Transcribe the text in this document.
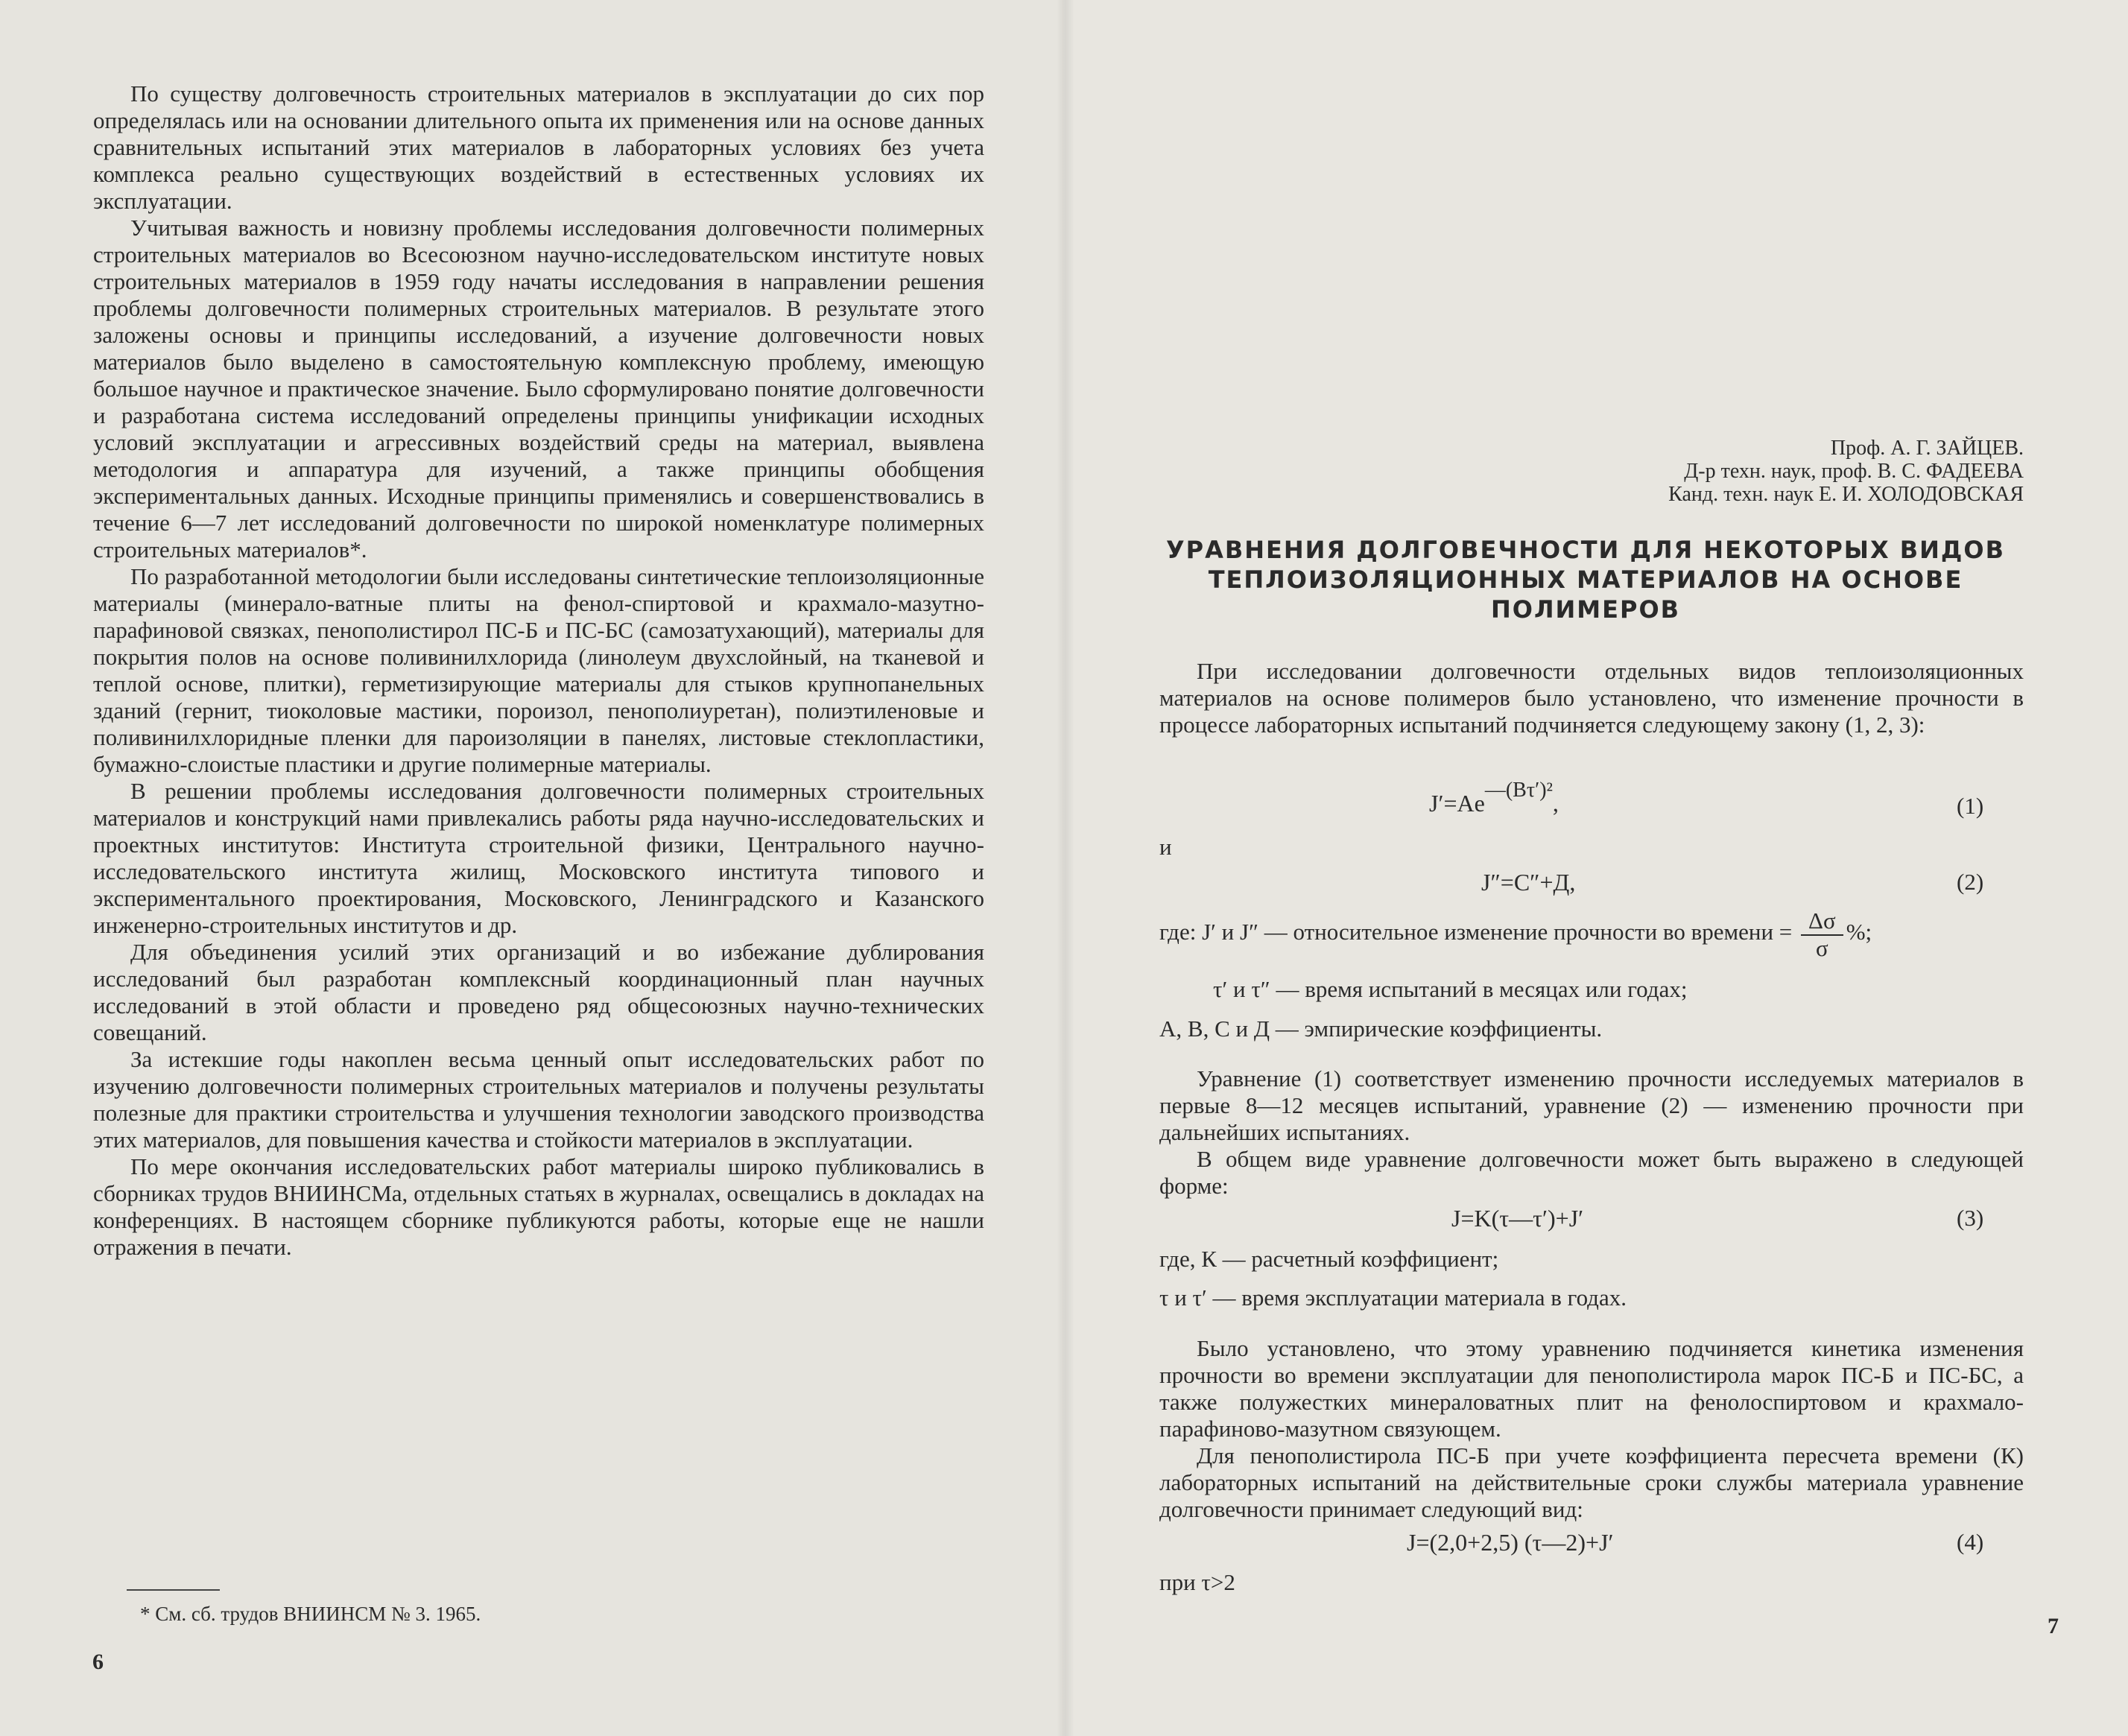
По существу долговечность строительных материалов в эксплуатации до сих пор определялась или на основании длительного опыта их применения или на основе данных сравнительных испытаний этих материалов в лабораторных условиях без учета комплекса реально существующих воздействий в естественных условиях их эксплуатации.

Учитывая важность и новизну проблемы исследования долговечности полимерных строительных материалов во Всесоюзном научно-исследовательском институте новых строительных материалов в 1959 году начаты исследования в направлении решения проблемы долговечности полимерных строительных материалов. В результате этого заложены основы и принципы исследований, а изучение долговечности новых материалов было выделено в самостоятельную комплексную проблему, имеющую большое научное и практическое значение. Было сформулировано понятие долговечности и разработана система исследований определены принципы унификации исходных условий эксплуатации и агрессивных воздействий среды на материал, выявлена методология и аппаратура для изучений, а также принципы обобщения экспериментальных данных. Исходные принципы применялись и совершенствовались в течение 6—7 лет исследований долговечности по широкой номенклатуре полимерных строительных материалов*.

По разработанной методологии были исследованы синтетические теплоизоляционные материалы (минерало-ватные плиты на фенол-спиртовой и крахмало-мазутно-парафиновой связках, пенополистирол ПС-Б и ПС-БС (самозатухающий), материалы для покрытия полов на основе поливинилхлорида (линолеум двухслойный, на тканевой и теплой основе, плитки), герметизирующие материалы для стыков крупнопанельных зданий (гернит, тиоколовые мастики, пороизол, пенополиуретан), полиэтиленовые и поливинилхлоридные пленки для пароизоляции в панелях, листовые стеклопластики, бумажно-слоистые пластики и другие полимерные материалы.

В решении проблемы исследования долговечности полимерных строительных материалов и конструкций нами привлекались работы ряда научно-исследовательских и проектных институтов: Института строительной физики, Центрального научно-исследовательского института жилищ, Московского института типового и экспериментального проектирования, Московского, Ленинградского и Казанского инженерно-строительных институтов и др.

Для объединения усилий этих организаций и во избежание дублирования исследований был разработан комплексный координационный план научных исследований в этой области и проведено ряд общесоюзных научно-технических совещаний.

За истекшие годы накоплен весьма ценный опыт исследовательских работ по изучению долговечности полимерных строительных материалов и получены результаты полезные для практики строительства и улучшения технологии заводского производства этих материалов, для повышения качества и стойкости материалов в эксплуатации.

По мере окончания исследовательских работ материалы широко публиковались в сборниках трудов ВНИИНСМа, отдельных статьях в журналах, освещались в докладах на конференциях. В настоящем сборнике публикуются работы, которые еще не нашли отражения в печати.

* См. сб. трудов ВНИИНСМ № 3. 1965.
6
Проф. А. Г. ЗАЙЦЕВ.
Д-р техн. наук, проф. В. С. ФАДЕЕВА
Канд. техн. наук Е. И. ХОЛОДОВСКАЯ
УРАВНЕНИЯ ДОЛГОВЕЧНОСТИ ДЛЯ НЕКОТОРЫХ ВИДОВ
ТЕПЛОИЗОЛЯЦИОННЫХ МАТЕРИАЛОВ НА ОСНОВЕ
ПОЛИМЕРОВ

При исследовании долговечности отдельных видов теплоизоляционных материалов на основе полимеров было установлено, что изменение прочности в процессе лабораторных испытаний подчиняется следующему закону (1, 2, 3):

J′=Ae—(Bτ′)²,	(1)
и
J″=C″+Д,	(2)
где: J′ и J″ — относительное изменение прочности во времени = $\frac{\Delta\sigma}{\sigma}$ %;
τ′ и τ″ — время испытаний в месяцах или годах;
А, В, С и Д — эмпирические коэффициенты.

Уравнение (1) соответствует изменению прочности исследуемых материалов в первые 8—12 месяцев испытаний, уравнение (2) — изменению прочности при дальнейших испытаниях.

В общем виде уравнение долговечности может быть выражено в следующей форме:

J=K(τ—τ′)+J′	(3)
где, К — расчетный коэффициент;
τ и τ′ — время эксплуатации материала в годах.

Было установлено, что этому уравнению подчиняется кинетика изменения прочности во времени эксплуатации для пенополистирола марок ПС-Б и ПС-БС, а также полужестких минераловатных плит на фенолоспиртовом и крахмало-парафиново-мазутном связующем.

Для пенополистирола ПС-Б при учете коэффициента пересчета времени (К) лабораторных испытаний на действительные сроки службы материала уравнение долговечности принимает следующий вид:

J=(2,0+2,5) (τ—2)+J′	(4)
при τ>2
7
